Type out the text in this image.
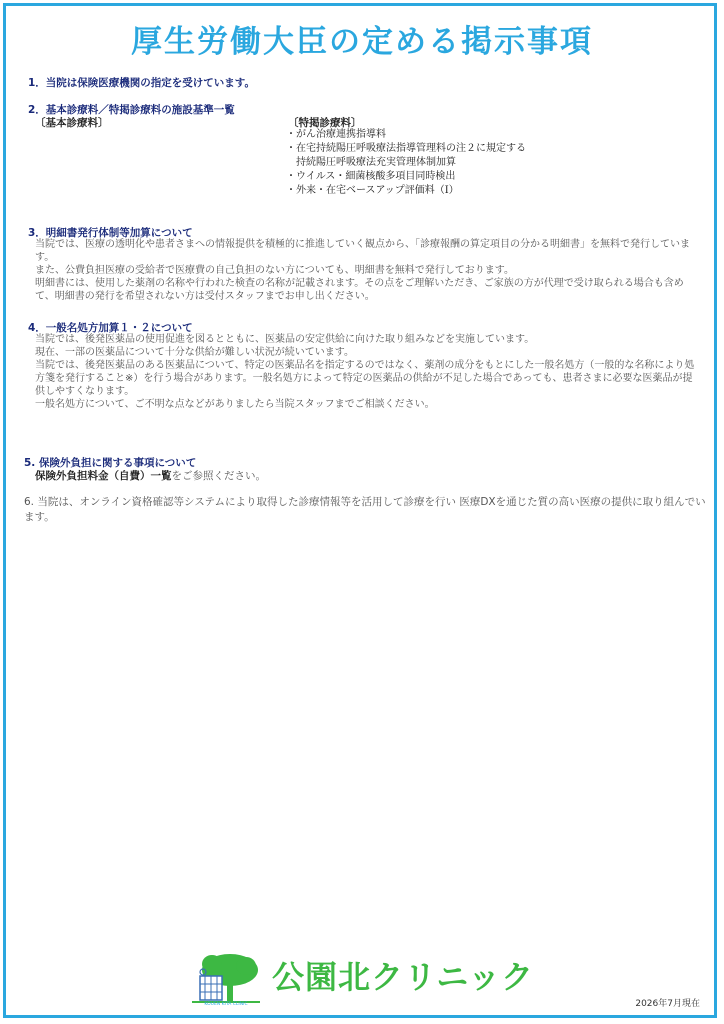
厚生労働大臣の定める掲示事項
1．当院は保険医療機関の指定を受けています。
2．基本診療料／特掲診療料の施設基準一覧
〔基本診療料〕	〔特掲診療料〕
・がん治療連携指導料
・在宅持続陽圧呼吸療法指導管理料の注２に規定する
　持続陽圧呼吸療法充実管理体制加算
・ウイルス・細菌核酸多項目同時検出
・外来・在宅ベースアップ評価料（Ⅰ）
3．明細書発行体制等加算について

当院では、医療の透明化や患者さまへの情報提供を積極的に推進していく観点から、「診療報酬の算定項目の分かる明細書」を無料で発行しています。

また、公費負担医療の受給者で医療費の自己負担のない方についても、明細書を無料で発行しております。

明細書には、使用した薬剤の名称や行われた検査の名称が記載されます。その点をご理解いただき、ご家族の方が代理で受け取られる場合も含めて、明細書の発行を希望されない方は受付スタッフまでお申し出ください。

4．一般名処方加算１・２について

当院では、後発医薬品の使用促進を図るとともに、医薬品の安定供給に向けた取り組みなどを実施しています。

現在、一部の医薬品について十分な供給が難しい状況が続いています。

当院では、後発医薬品のある医薬品について、特定の医薬品名を指定するのではなく、薬剤の成分をもとにした一般名処方（一般的な名称により処方箋を発行すること※）を行う場合があります。一般名処方によって特定の医薬品の供給が不足した場合であっても、患者さまに必要な医薬品が提供しやすくなります。

一般名処方について、ご不明な点などがありましたら当院スタッフまでご相談ください。

5. 保険外負担に関する事項について
保険外負担料金（自費）一覧をご参照ください。
6. 当院は、オンライン資格確認等システムにより取得した診療情報等を活用して診療を行い 医療DXを通じた質の高い医療の提供に取り組んでいます。
KOUEN KITA CLINIC
公園北クリニック
2026年7月現在
